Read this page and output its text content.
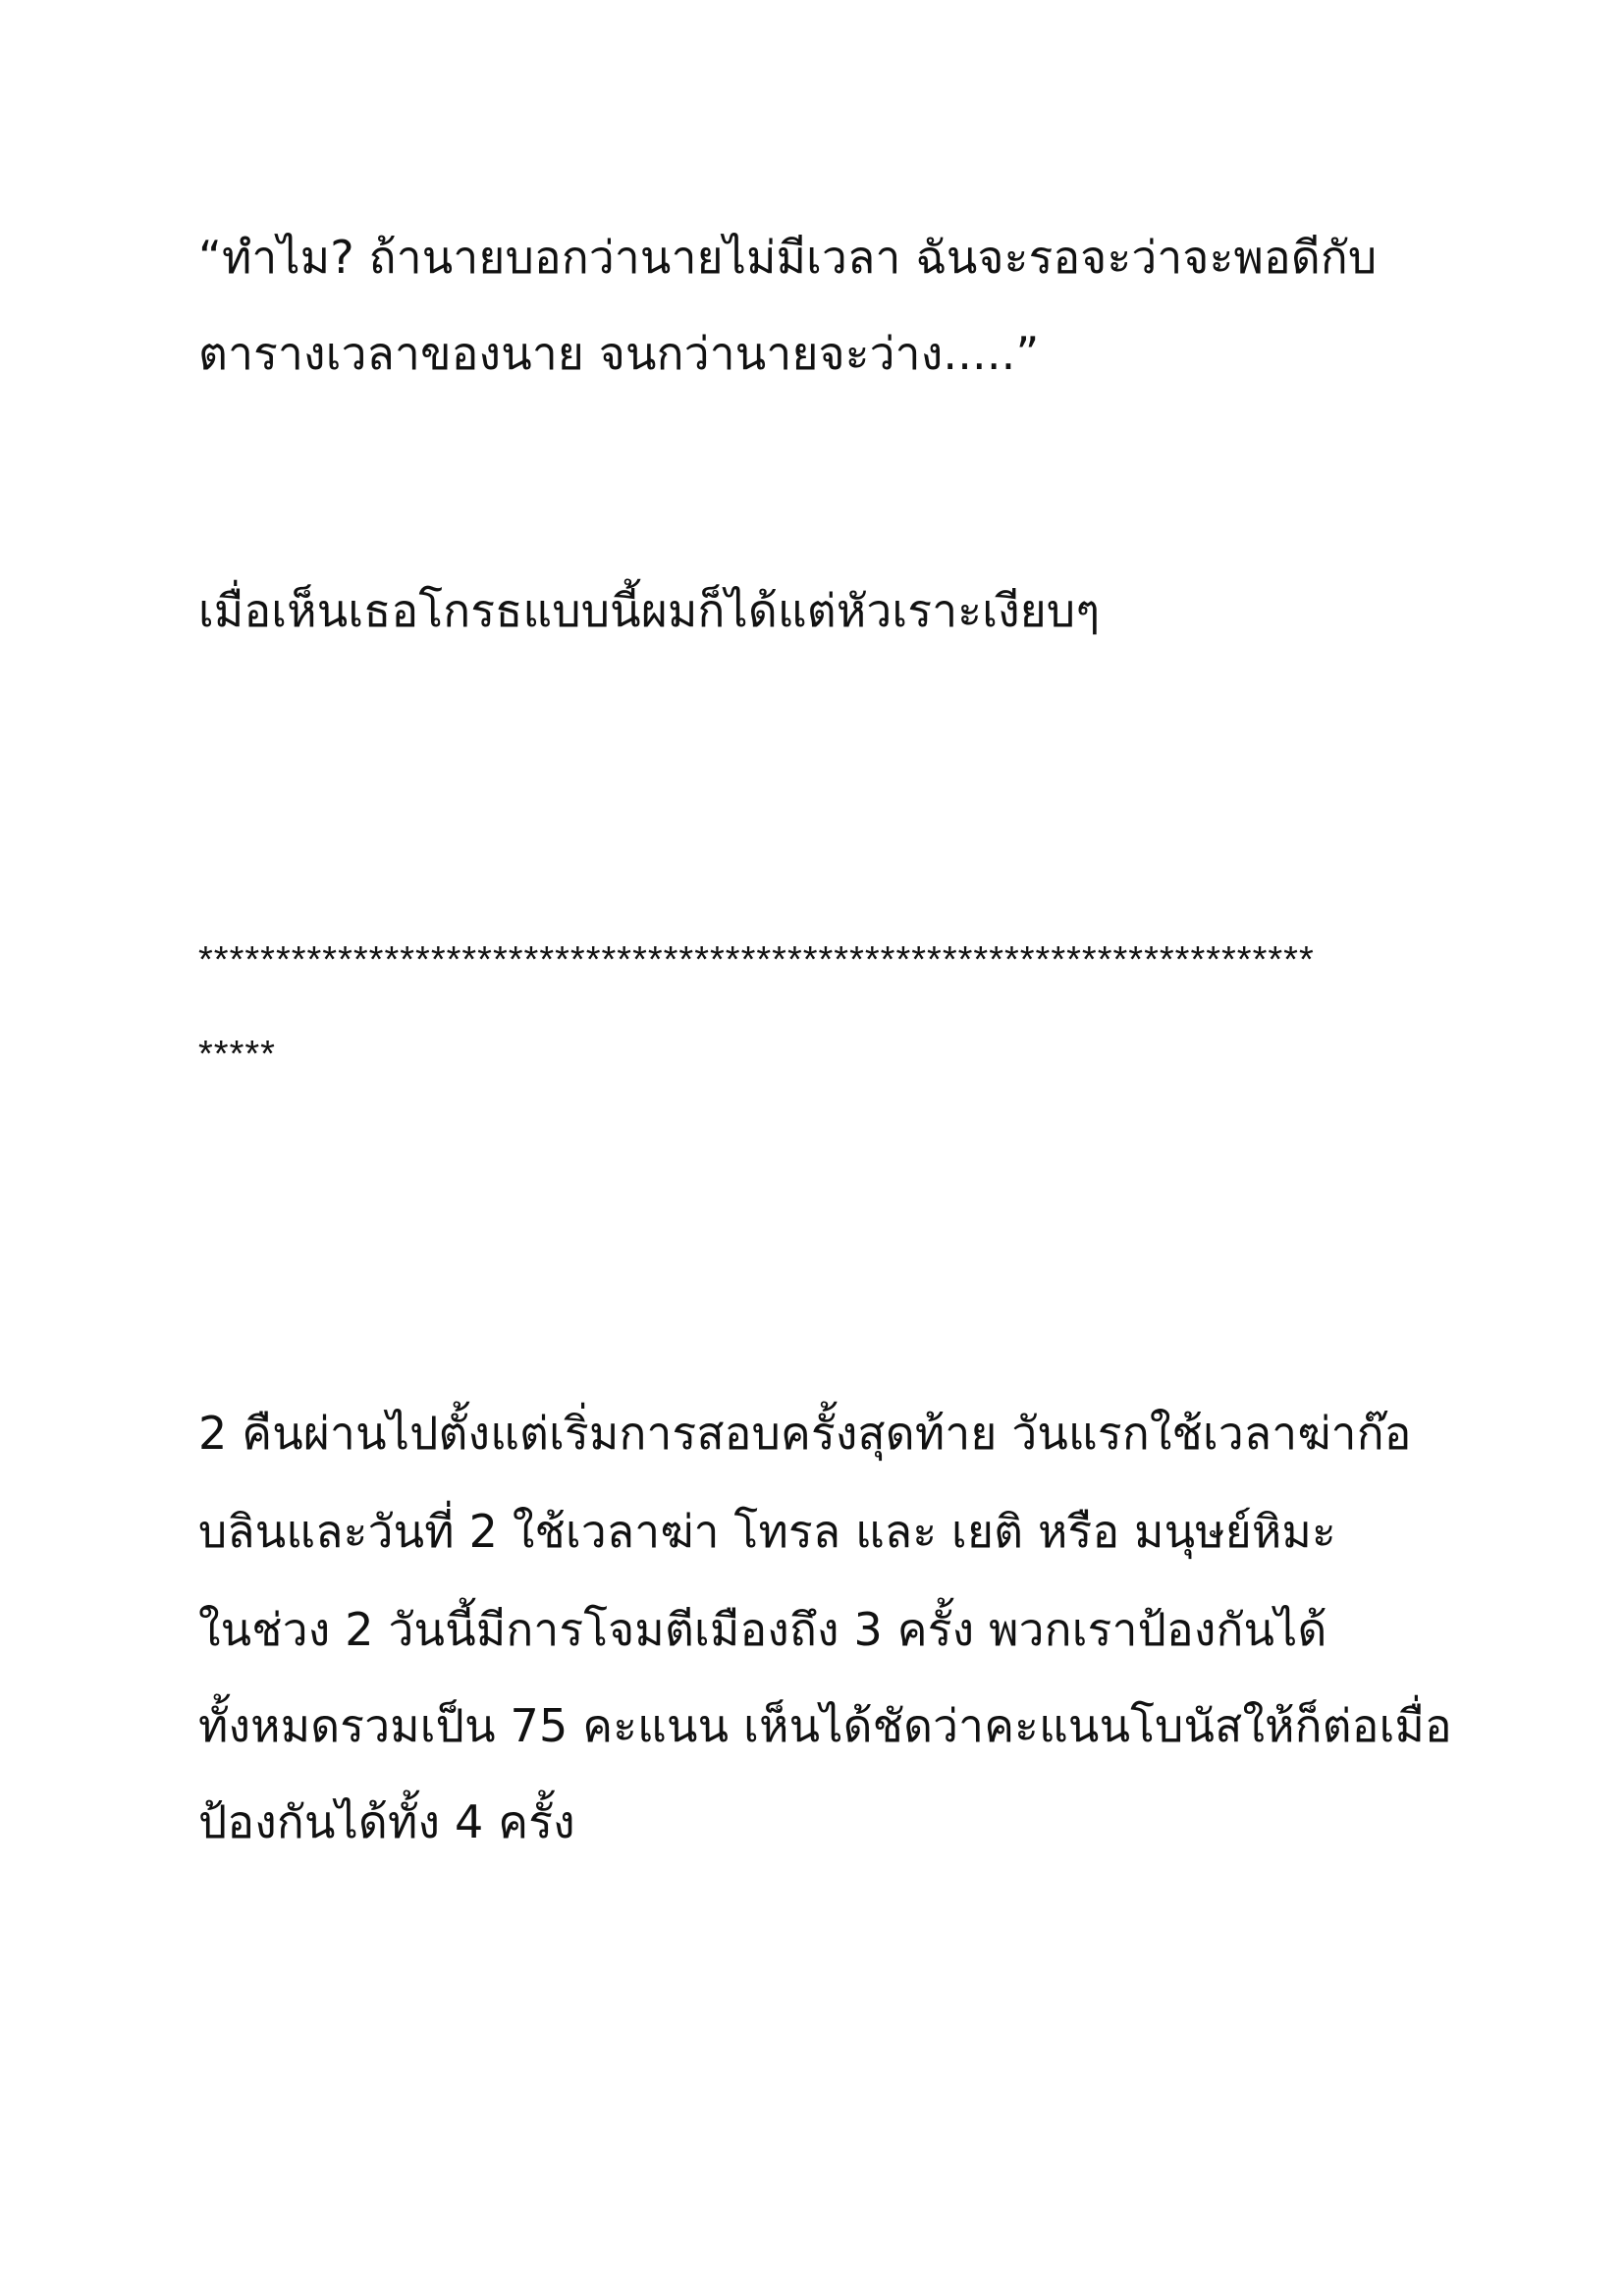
“ทำไม? ถ้านายบอกว่านายไม่มีเวลา ฉันจะรอจะว่าจะพอดีกับ
ตารางเวลาของนาย จนกว่านายจะว่าง.....”
เมื่อเห็นเธอโกรธแบบนี้ผมก็ได้แต่หัวเราะเงียบๆ
************************************************************************
*****
2 คืนผ่านไปตั้งแต่เริ่มการสอบครั้งสุดท้าย วันแรกใช้เวลาฆ่าก๊อ
บลินและวันที่ 2 ใช้เวลาฆ่า โทรล และ เยติ หรือ มนุษย์หิมะ
ในช่วง 2 วันนี้มีการโจมตีเมืองถึง 3 ครั้ง พวกเราป้องกันได้
ทั้งหมดรวมเป็น 75 คะแนน เห็นได้ชัดว่าคะแนนโบนัสให้ก็ต่อเมื่อ
ป้องกันได้ทั้ง 4 ครั้ง
